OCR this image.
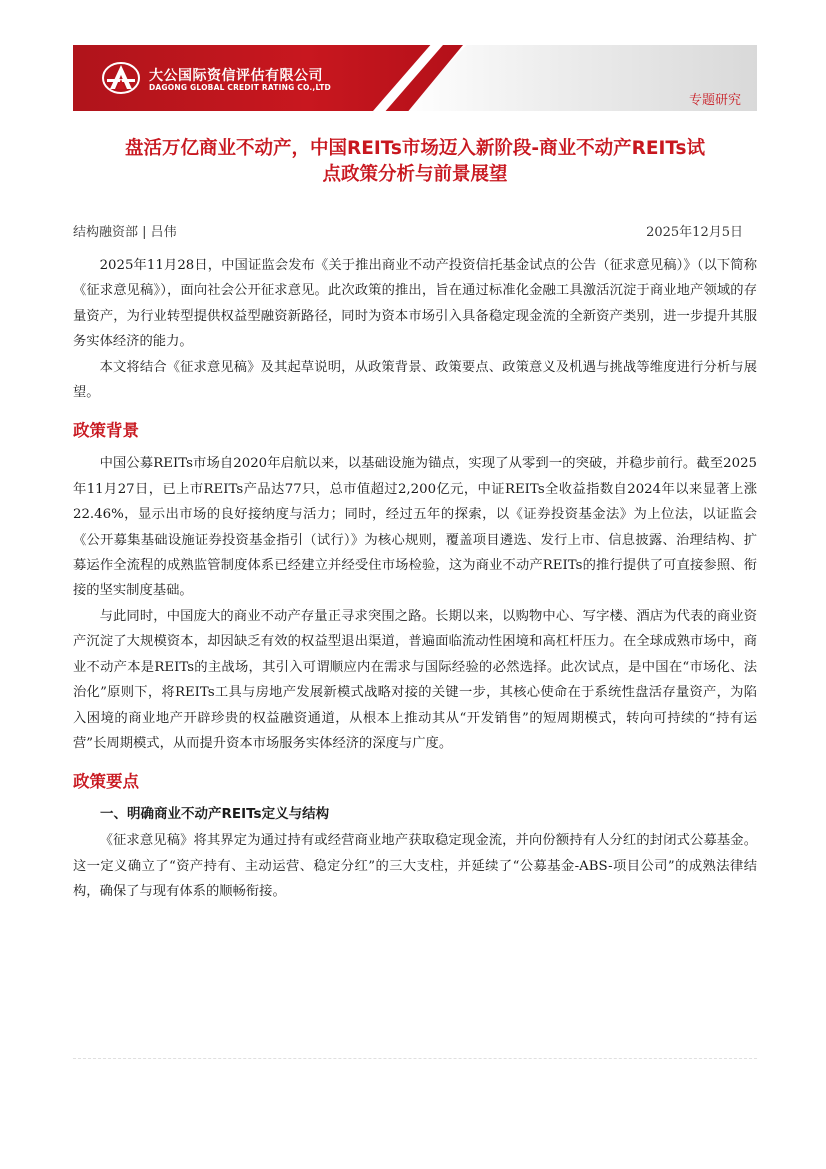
大公国际资信评估有限公司
DAGONG GLOBAL CREDIT RATING CO.,LTD
专题研究
盘活万亿商业不动产，中国REITs市场迈入新阶段-商业不动产REITs试
点政策分析与前景展望
结构融资部 | 吕伟	2025年12月5日

2025年11月28日，中国证监会发布《关于推出商业不动产投资信托基金试点的公告（征求意见稿）》（以下简称《征求意见稿》），面向社会公开征求意见。此次政策的推出，旨在通过标准化金融工具激活沉淀于商业地产领域的存量资产，为行业转型提供权益型融资新路径，同时为资本市场引入具备稳定现金流的全新资产类别，进一步提升其服务实体经济的能力。

本文将结合《征求意见稿》及其起草说明，从政策背景、政策要点、政策意义及机遇与挑战等维度进行分析与展望。

政策背景

中国公募REITs市场自2020年启航以来，以基础设施为锚点，实现了从零到一的突破，并稳步前行。截至2025年11月27日，已上市REITs产品达77只，总市值超过2,200亿元，中证REITs全收益指数自2024年以来显著上涨22.46%，显示出市场的良好接纳度与活力；同时，经过五年的探索，以《证券投资基金法》为上位法，以证监会《公开募集基础设施证券投资基金指引（试行）》为核心规则，覆盖项目遴选、发行上市、信息披露、治理结构、扩募运作全流程的成熟监管制度体系已经建立并经受住市场检验，这为商业不动产REITs的推行提供了可直接参照、衔接的坚实制度基础。

与此同时，中国庞大的商业不动产存量正寻求突围之路。长期以来，以购物中心、写字楼、酒店为代表的商业资产沉淀了大规模资本，却因缺乏有效的权益型退出渠道，普遍面临流动性困境和高杠杆压力。在全球成熟市场中，商业不动产本是REITs的主战场，其引入可谓顺应内在需求与国际经验的必然选择。此次试点，是中国在“市场化、法治化”原则下，将REITs工具与房地产发展新模式战略对接的关键一步，其核心使命在于系统性盘活存量资产，为陷入困境的商业地产开辟珍贵的权益融资通道，从根本上推动其从“开发销售”的短周期模式，转向可持续的“持有运营”长周期模式，从而提升资本市场服务实体经济的深度与广度。

政策要点
一、明确商业不动产REITs定义与结构

《征求意见稿》将其界定为通过持有或经营商业地产获取稳定现金流，并向份额持有人分红的封闭式公募基金。这一定义确立了“资产持有、主动运营、稳定分红”的三大支柱，并延续了“公募基金-ABS-项目公司”的成熟法律结构，确保了与现有体系的顺畅衔接。
